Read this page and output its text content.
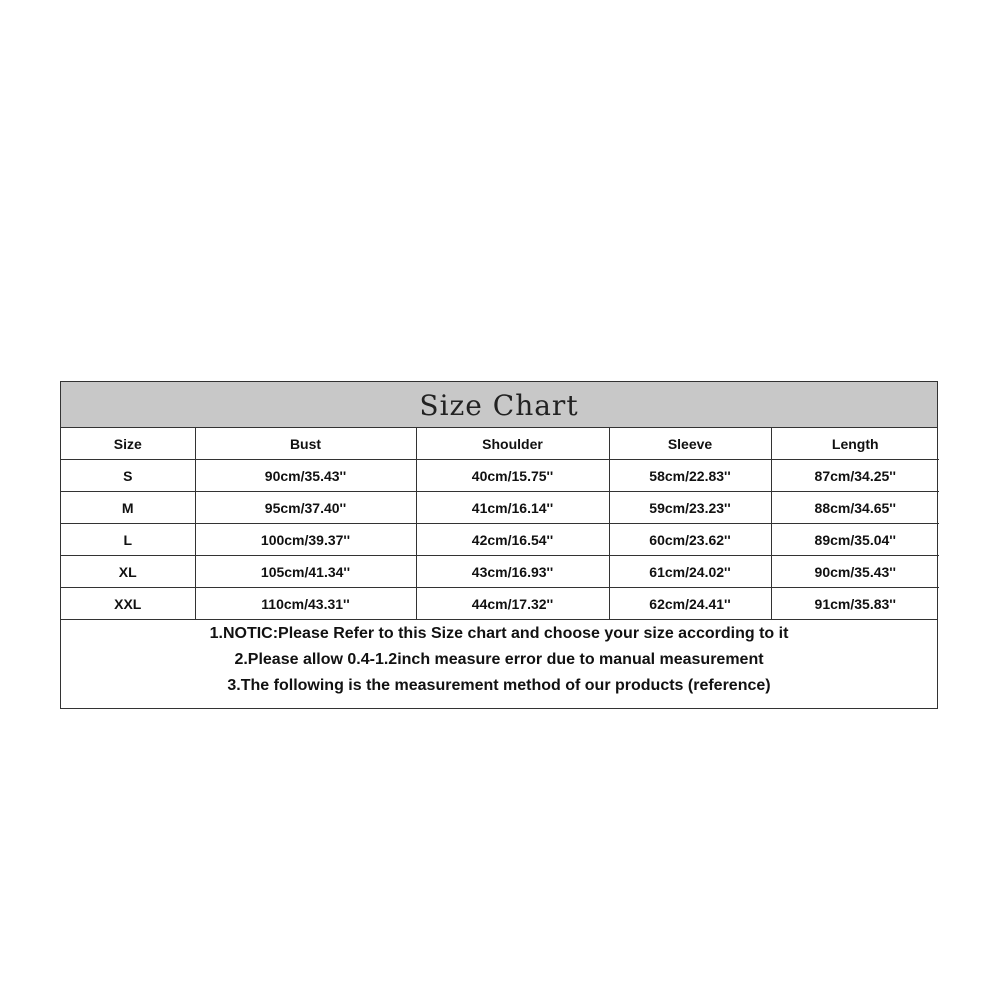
Size Chart
Size	Bust	Shoulder	Sleeve	Length
S	90cm/35.43''	40cm/15.75''	58cm/22.83''	87cm/34.25''
M	95cm/37.40''	41cm/16.14''	59cm/23.23''	88cm/34.65''
L	100cm/39.37''	42cm/16.54''	60cm/23.62''	89cm/35.04''
XL	105cm/41.34''	43cm/16.93''	61cm/24.02''	90cm/35.43''
XXL	110cm/43.31''	44cm/17.32''	62cm/24.41''	91cm/35.83''
1.NOTIC:Please Refer to this Size chart and choose your size according to it
2.Please allow 0.4-1.2inch measure error due to manual measurement
3.The following is the measurement method of our products (reference)
